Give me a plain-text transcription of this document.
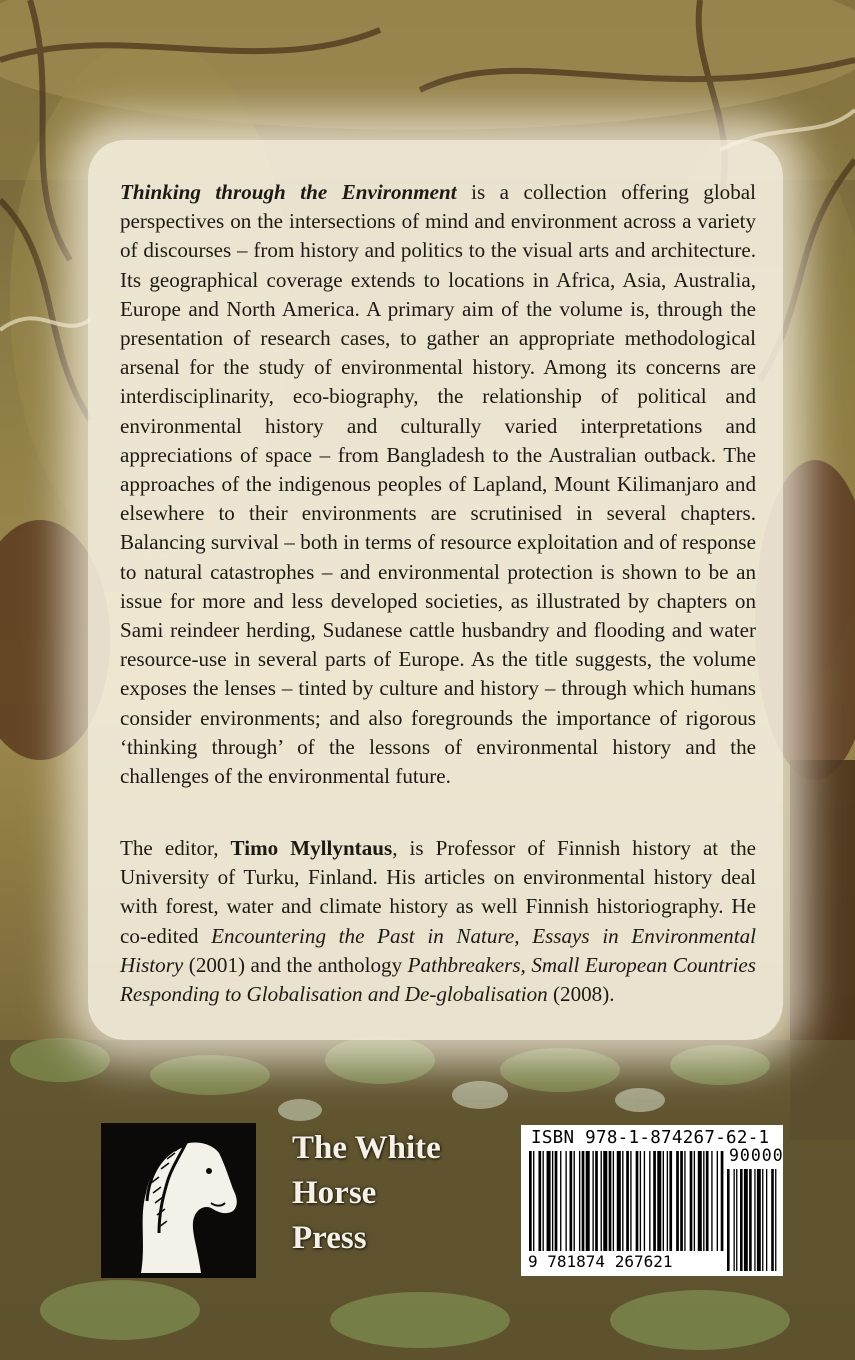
Thinking through the Environment is a collection offering global perspectives on the intersections of mind and environment across a variety of discourses – from history and politics to the visual arts and architecture. Its geographical coverage extends to locations in Africa, Asia, Australia, Europe and North America. A primary aim of the volume is, through the presentation of research cases, to gather an appropriate methodological arsenal for the study of environmental history. Among its concerns are interdisciplinarity, eco-biography, the relationship of political and environmental history and culturally varied interpretations and appreciations of space – from Bangladesh to the Australian outback. The approaches of the indigenous peoples of Lapland, Mount Kilimanjaro and elsewhere to their environments are scrutinised in several chapters. Balancing survival – both in terms of resource exploitation and of response to natural catastrophes – and environmental protection is shown to be an issue for more and less developed societies, as illustrated by chapters on Sami reindeer herding, Sudanese cattle husbandry and flooding and water resource-use in several parts of Europe. As the title suggests, the volume exposes the lenses – tinted by culture and history – through which humans consider environments; and also foregrounds the importance of rigorous ‘thinking through’ of the lessons of environmental history and the challenges of the environmental future.

The editor, Timo Myllyntaus, is Professor of Finnish history at the University of Turku, Finland. His articles on environmental history deal with forest, water and climate history as well Finnish historiography. He co-edited Encountering the Past in Nature, Essays in Environmental History (2001) and the anthology Pathbreakers, Small European Countries Responding to Globalisation and De-globalisation (2008).

The White
Horse
Press
ISBN 978-1-874267-62-1
90000
9 781874 267621
